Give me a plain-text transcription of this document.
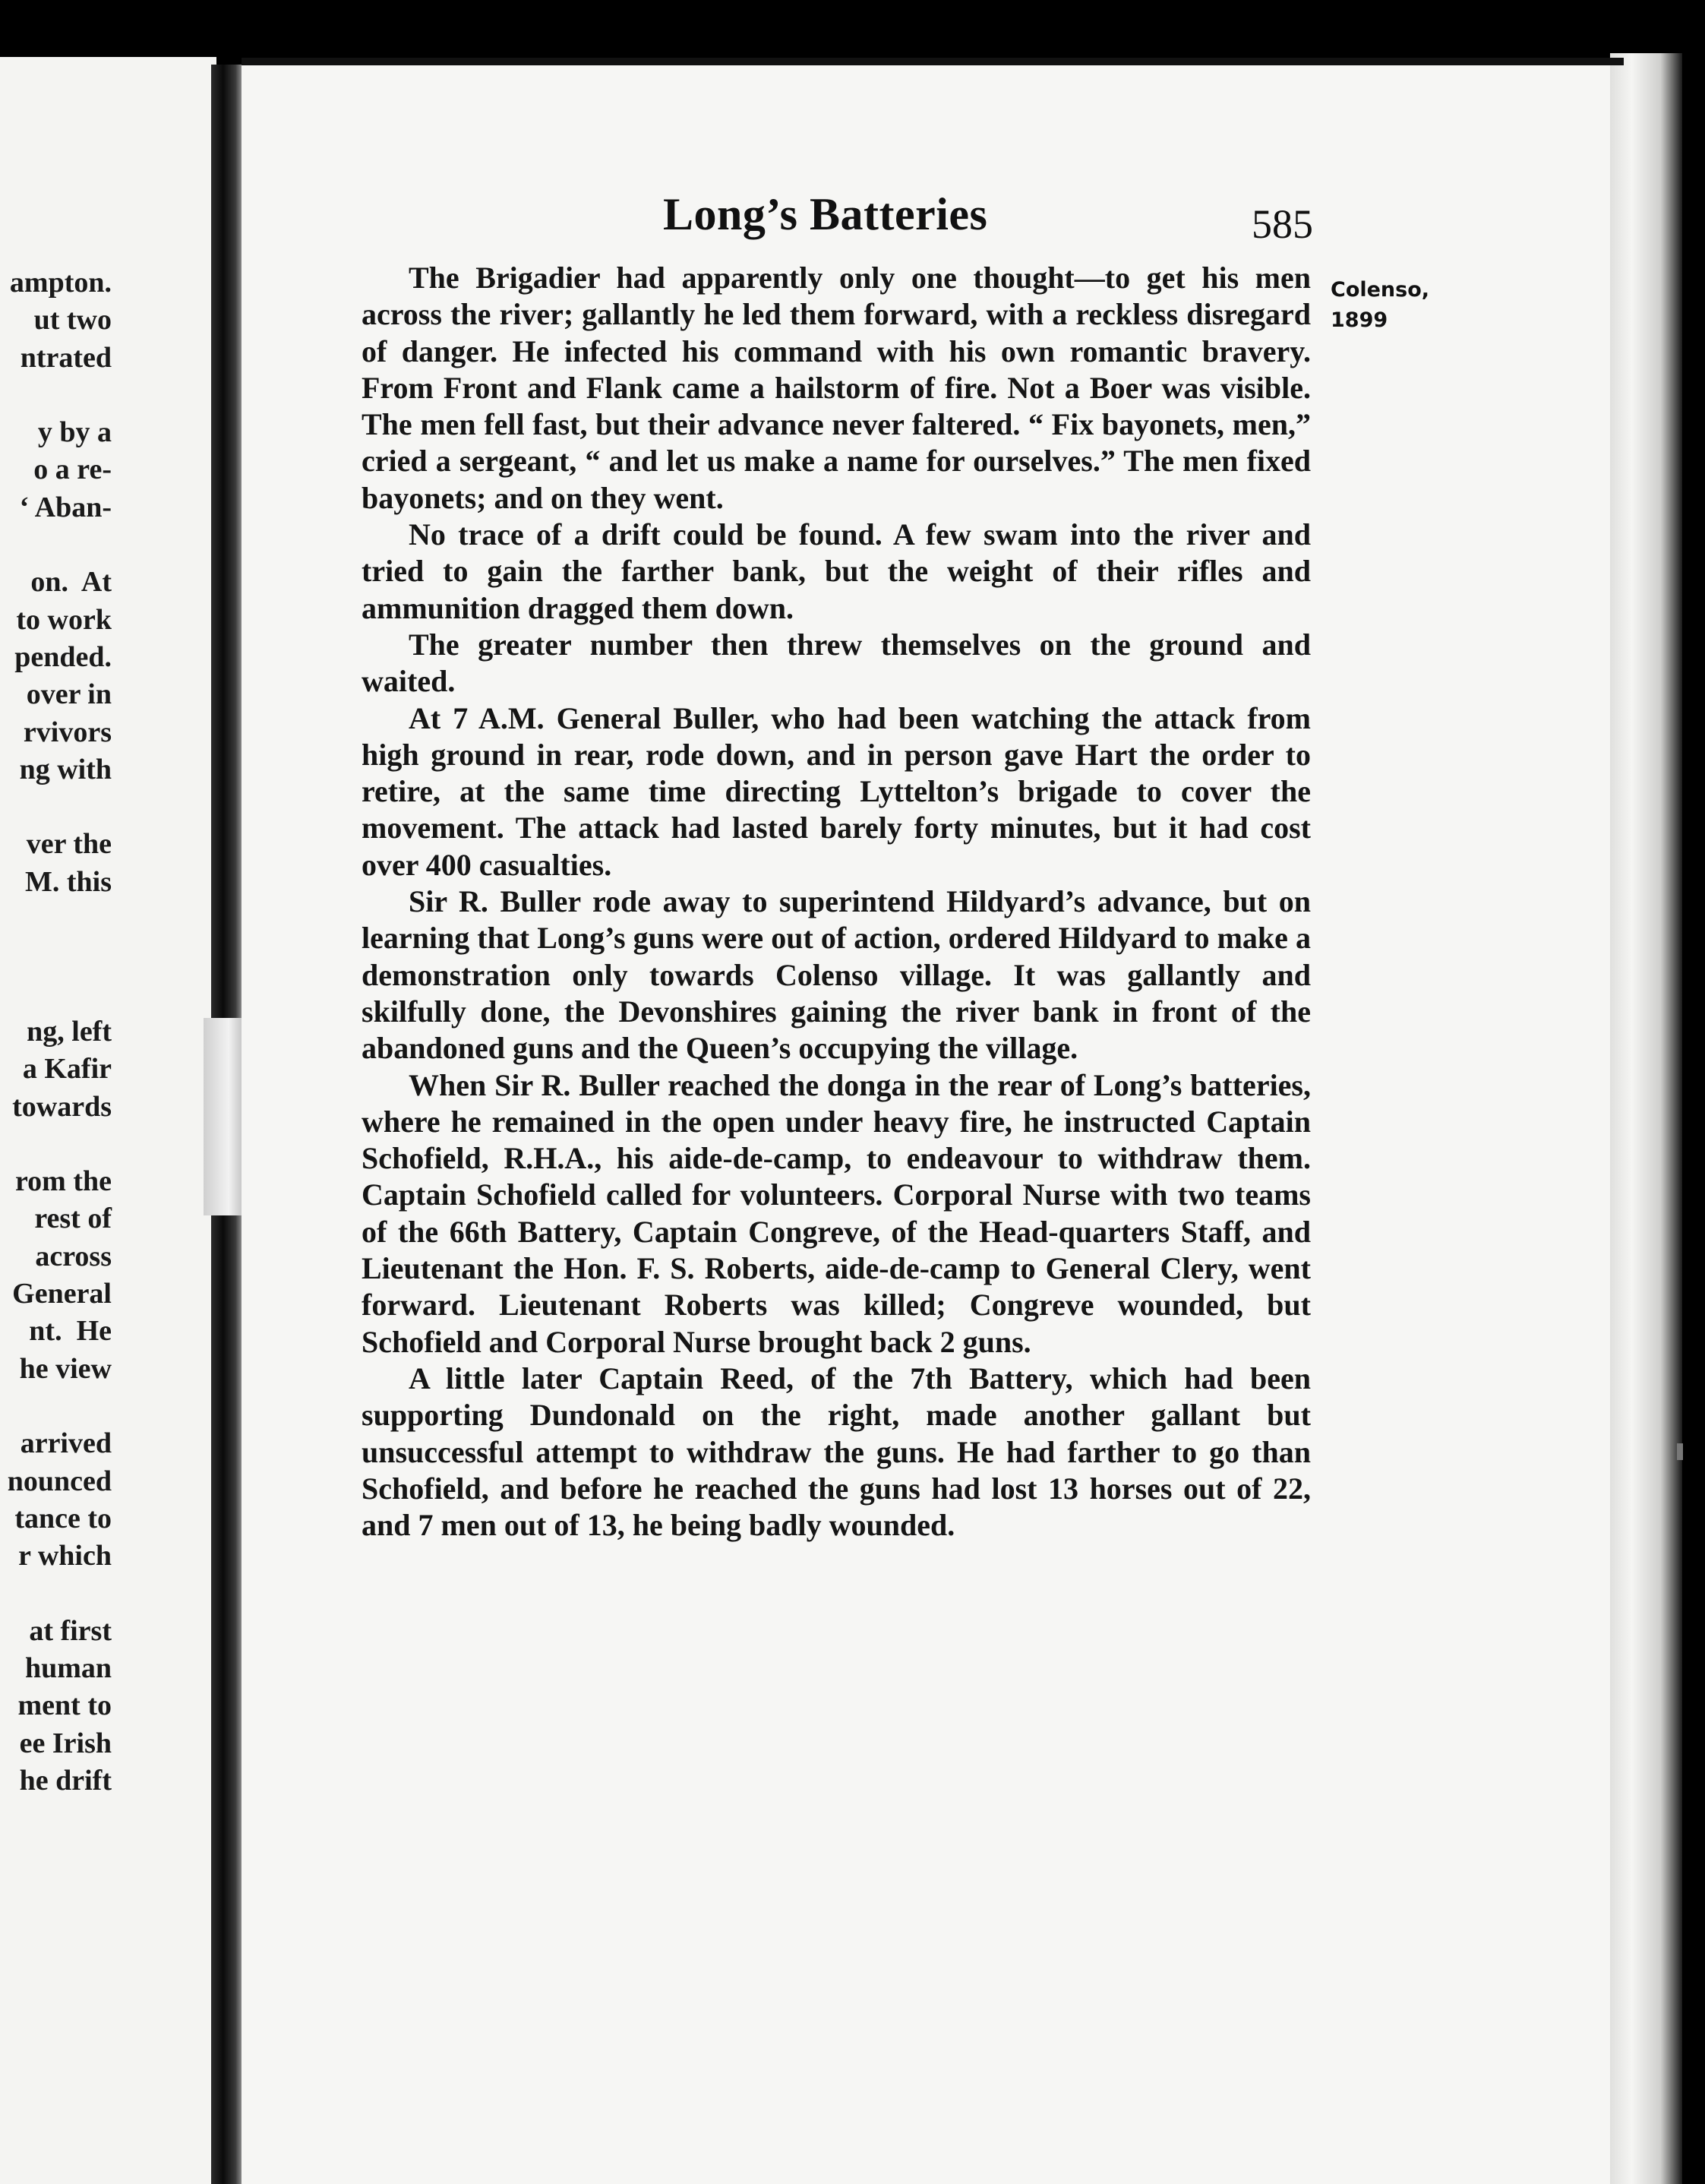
ampton.
ut two
ntrated

y by a
o a re-
‘ Aban-

on.  At
to work
pended.
over in
rvivors
ng with

ver the
M. this

ng, left
a Kafir
towards

rom the
rest of
across
General
nt.  He
he view

arrived
nounced
tance to
r which

at first
human
ment to
ee Irish
he drift
Long’s Batteries	585
Colenso,
1899

The Brigadier had apparently only one thought—to get his men across the river; gallantly he led them forward, with a reckless disregard of danger. He infected his command with his own romantic bravery. From Front and Flank came a hailstorm of fire. Not a Boer was visible. The men fell fast, but their advance never faltered. “ Fix bayonets, men,” cried a sergeant, “ and let us make a name for ourselves.” The men fixed bayonets; and on they went.

No trace of a drift could be found. A few swam into the river and tried to gain the farther bank, but the weight of their rifles and ammunition dragged them down.

The greater number then threw themselves on the ground and waited.

At 7 A.M. General Buller, who had been watching the attack from high ground in rear, rode down, and in person gave Hart the order to retire, at the same time directing Lyttelton’s brigade to cover the movement. The attack had lasted barely forty minutes, but it had cost over 400 casualties.

Sir R. Buller rode away to superintend Hildyard’s advance, but on learning that Long’s guns were out of action, ordered Hildyard to make a demonstration only towards Colenso village. It was gallantly and skilfully done, the Devonshires gaining the river bank in front of the abandoned guns and the Queen’s occupying the village.

When Sir R. Buller reached the donga in the rear of Long’s batteries, where he remained in the open under heavy fire, he instructed Captain Schofield, R.H.A., his aide-de-camp, to endeavour to withdraw them. Captain Schofield called for volunteers. Corporal Nurse with two teams of the 66th Battery, Captain Congreve, of the Head-quarters Staff, and Lieutenant the Hon. F. S. Roberts, aide-de-camp to General Clery, went forward. Lieutenant Roberts was killed; Congreve wounded, but Schofield and Corporal Nurse brought back 2 guns.

A little later Captain Reed, of the 7th Battery, which had been supporting Dundonald on the right, made another gallant but unsuccessful attempt to withdraw the guns. He had farther to go than Schofield, and before he reached the guns had lost 13 horses out of 22, and 7 men out of 13, he being badly wounded.
